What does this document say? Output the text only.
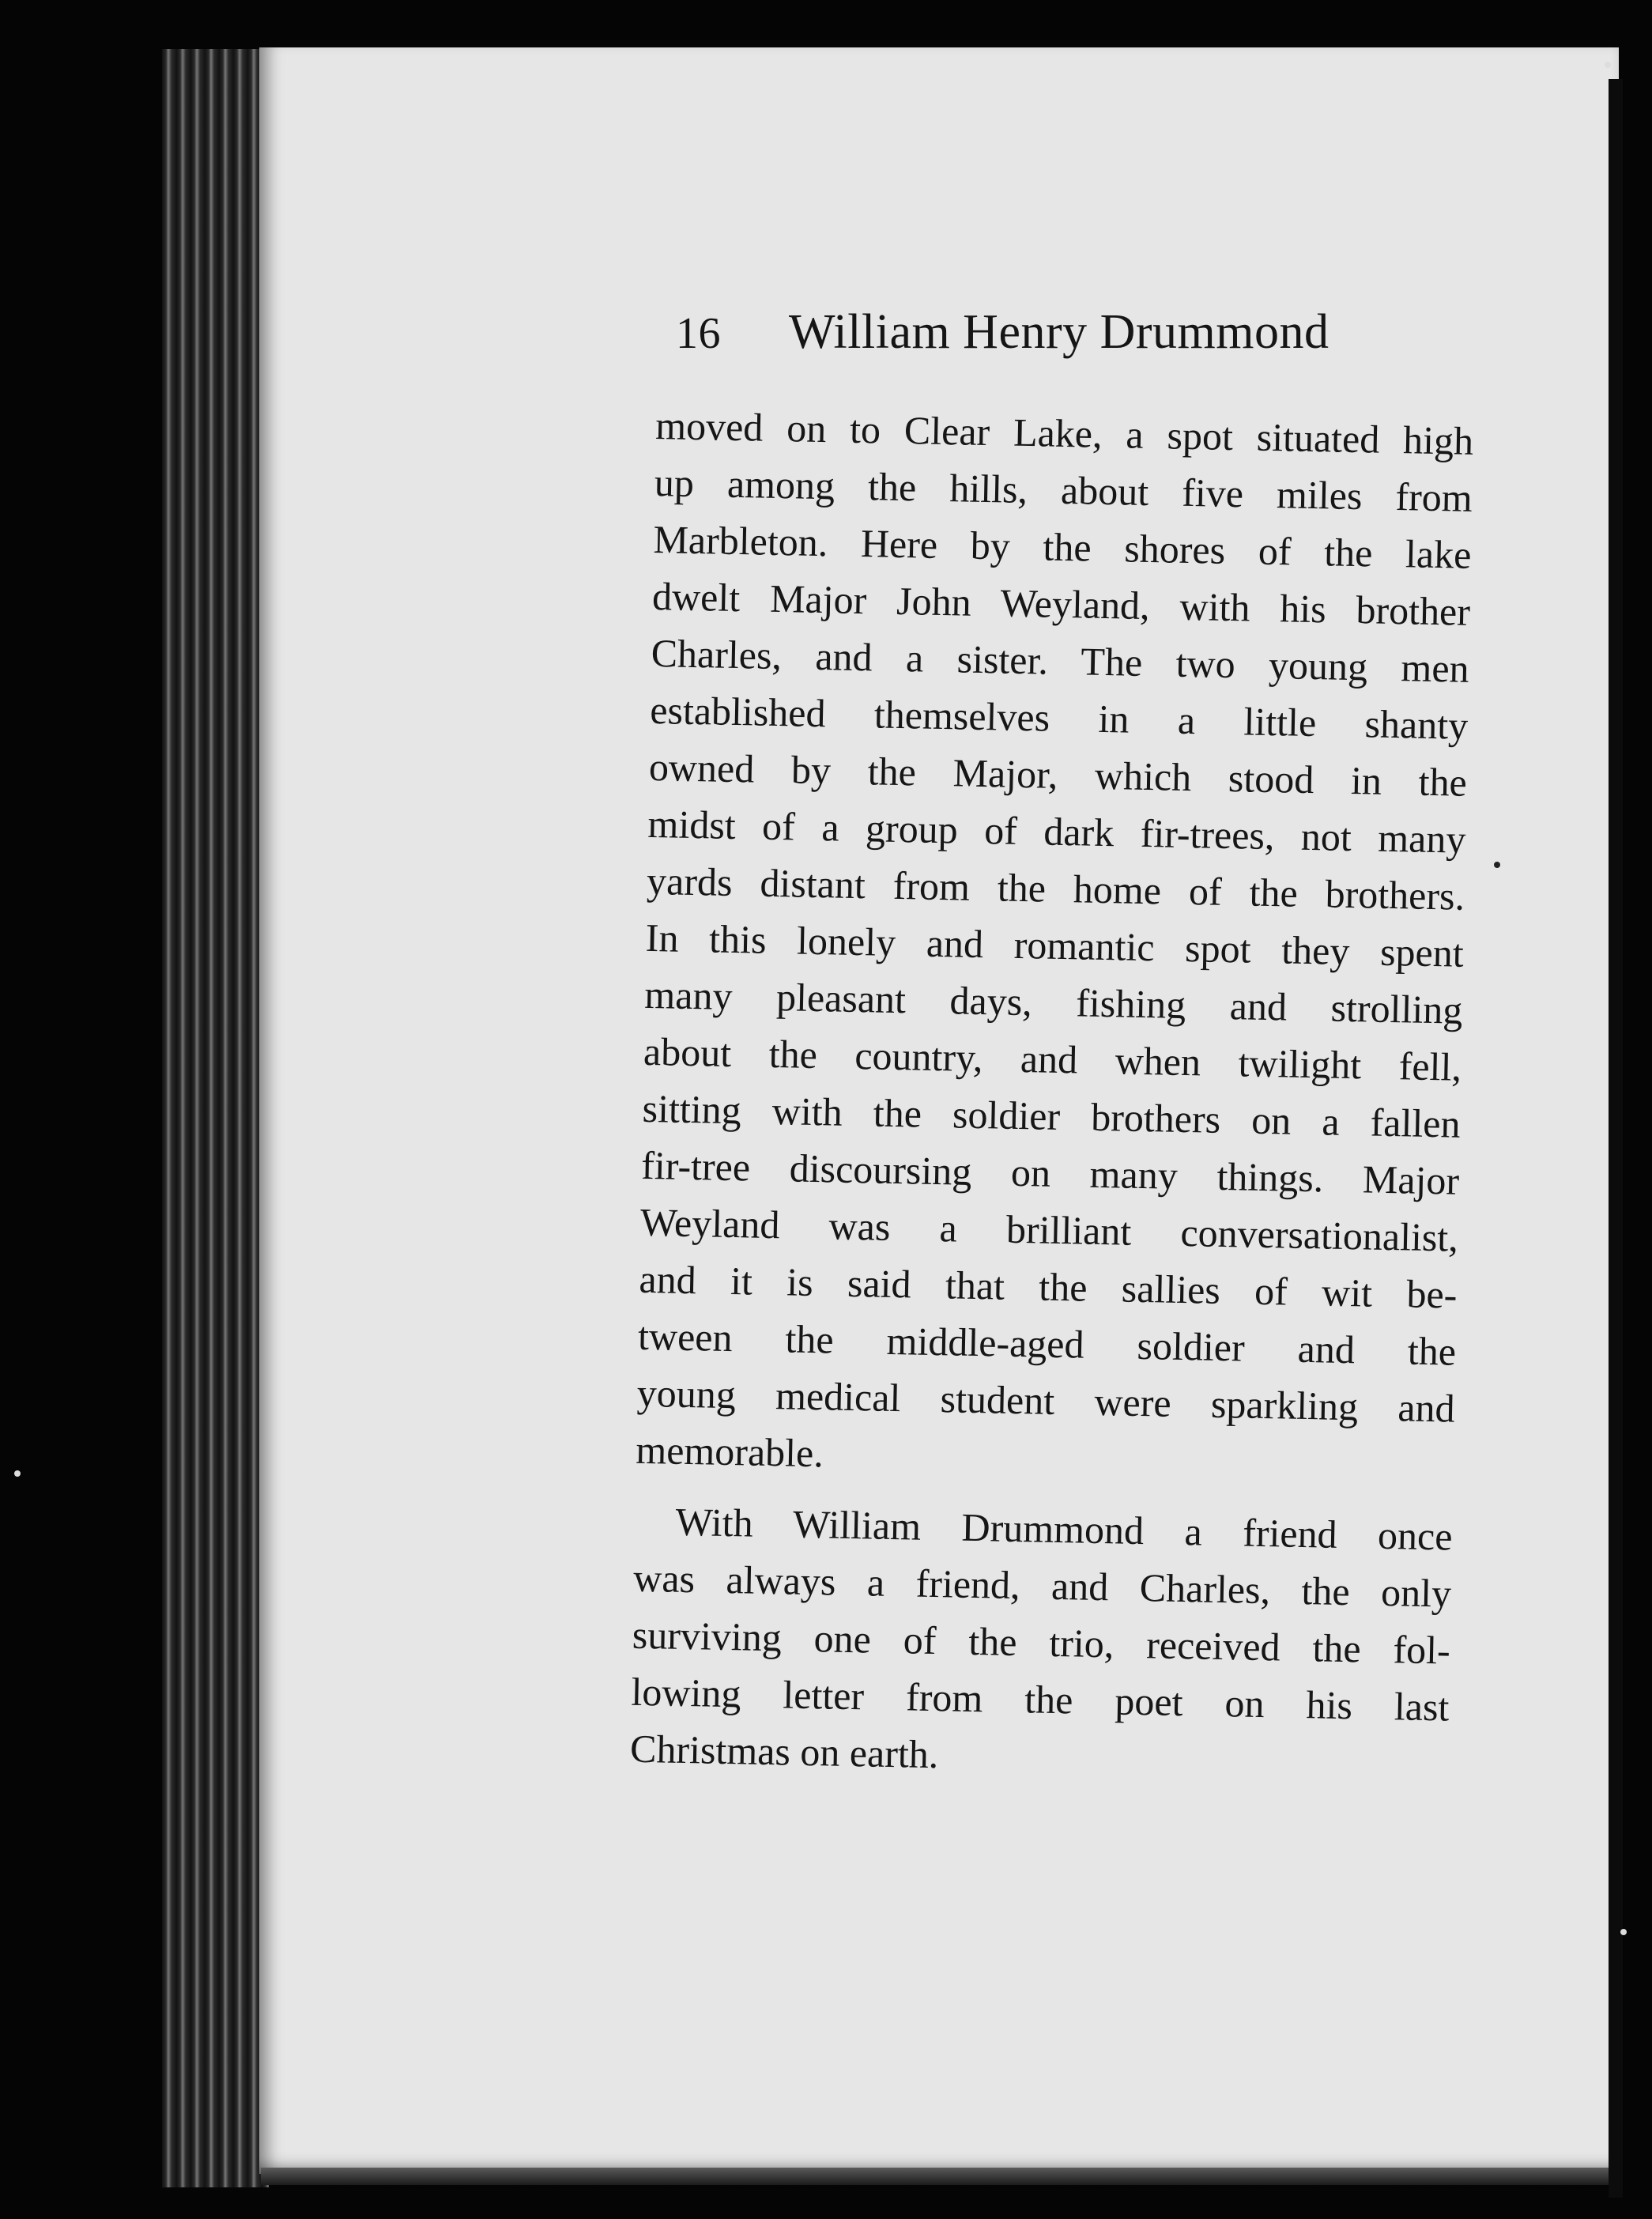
16 William Henry Drummond
moved on to Clear Lake, a spot situated high
up among the hills, about five miles from
Marbleton. Here by the shores of the lake
dwelt Major John Weyland, with his brother
Charles, and a sister. The two young men
established themselves in a little shanty
owned by the Major, which stood in the
midst of a group of dark fir-trees, not many
yards distant from the home of the brothers.
In this lonely and romantic spot they spent
many pleasant days, fishing and strolling
about the country, and when twilight fell,
sitting with the soldier brothers on a fallen
fir-tree discoursing on many things. Major
Weyland was a brilliant conversationalist,
and it is said that the sallies of wit be-
tween the middle-aged soldier and the
young medical student were sparkling and
memorable.
With William Drummond a friend once
was always a friend, and Charles, the only
surviving one of the trio, received the fol-
lowing letter from the poet on his last
Christmas on earth.
